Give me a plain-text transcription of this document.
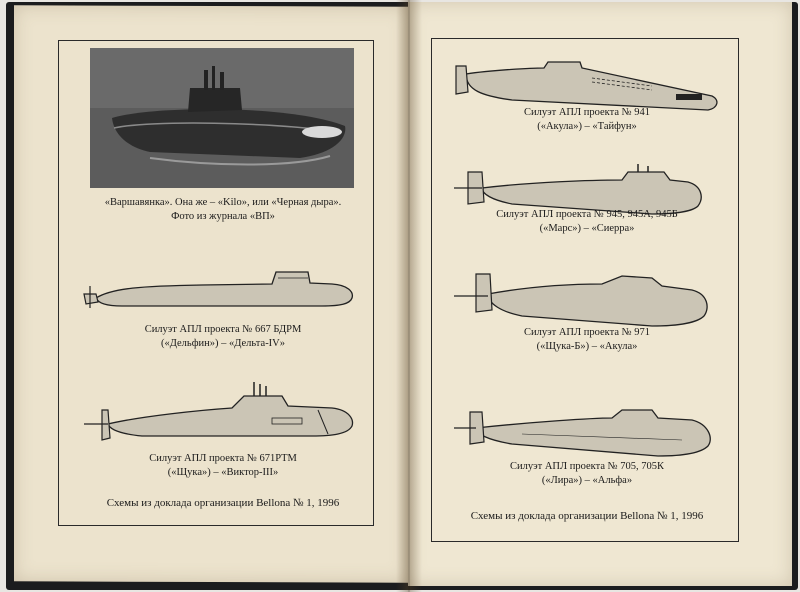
«Варшавянка». Она же – «Kilo», или «Черная дыра».
Фото из журнала «ВП»
Силуэт АПЛ проекта № 667 БДРМ
(«Дельфин») – «Дельта-IV»
Силуэт АПЛ проекта № 671РТМ
(«Щука») – «Виктор-III»
Схемы из доклада организации Bellona № 1, 1996
Силуэт АПЛ проекта № 941
(«Акула») – «Тайфун»
Силуэт АПЛ проекта № 945, 945А, 945Б
(«Марс») – «Сиерра»
Силуэт АПЛ проекта № 971
(«Щука-Б») – «Акула»
Силуэт АПЛ проекта № 705, 705К
(«Лира») – «Альфа»
Схемы из доклада организации Bellona № 1, 1996
